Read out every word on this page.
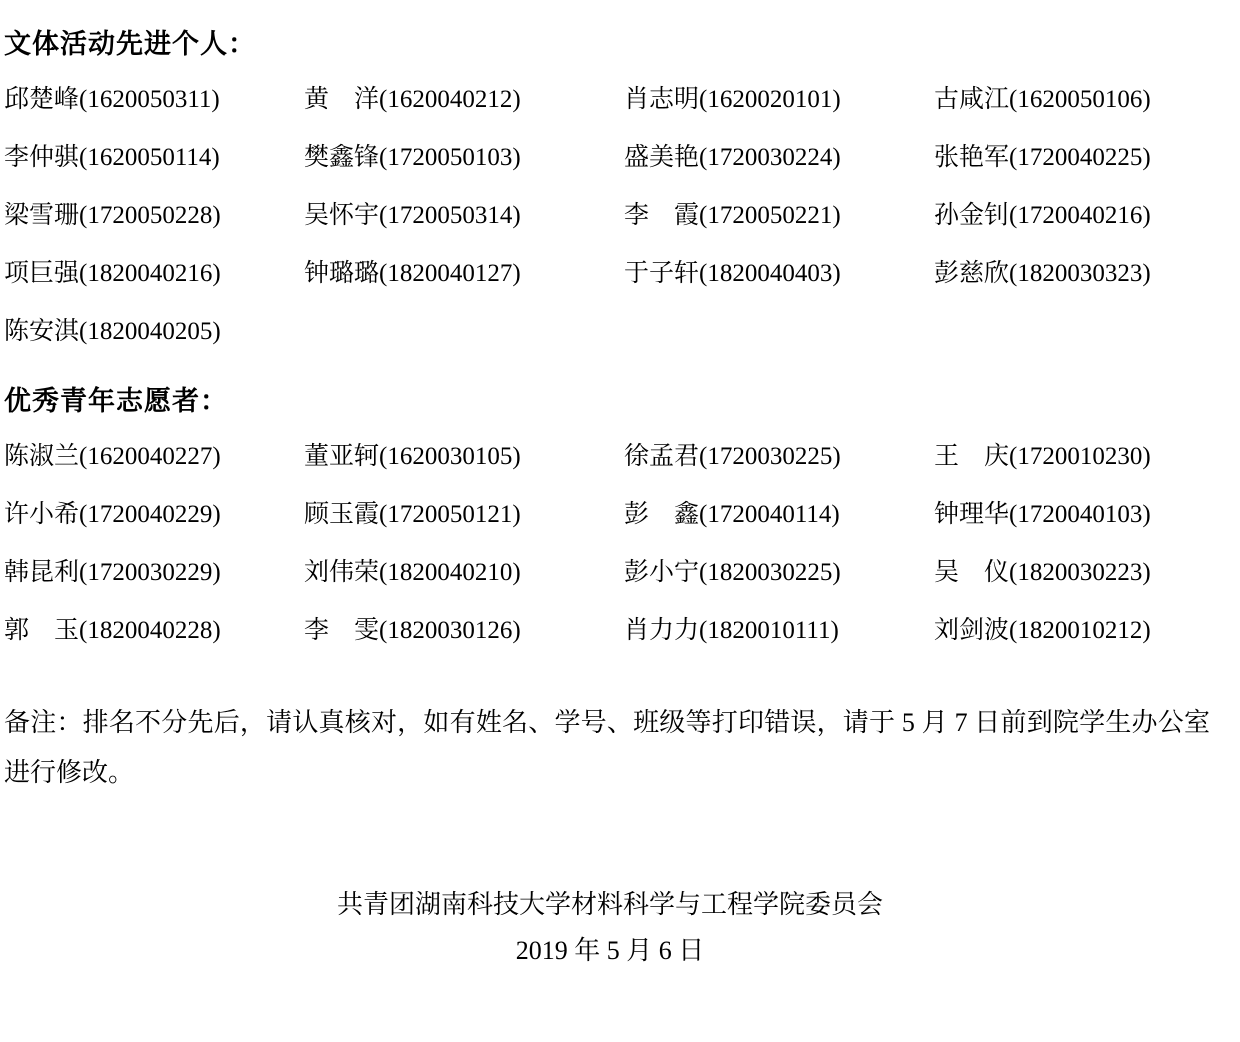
文体活动先进个人：
邱楚峰(1620050311)	黄　洋(1620040212)	肖志明(1620020101)	古咸江(1620050106)
李仲骐(1620050114)	樊鑫锋(1720050103)	盛美艳(1720030224)	张艳军(1720040225)
梁雪珊(1720050228)	吴怀宇(1720050314)	李　霞(1720050221)	孙金钊(1720040216)
项巨强(1820040216)	钟璐璐(1820040127)	于子轩(1820040403)	彭慈欣(1820030323)
陈安淇(1820040205)			
优秀青年志愿者：
陈淑兰(1620040227)	董亚轲(1620030105)	徐孟君(1720030225)	王　庆(1720010230)
许小希(1720040229)	顾玉霞(1720050121)	彭　鑫(1720040114)	钟理华(1720040103)
韩昆利(1720030229)	刘伟荣(1820040210)	彭小宁(1820030225)	吴　仪(1820030223)
郭　玉(1820040228)	李　雯(1820030126)	肖力力(1820010111)	刘剑波(1820010212)

备注：排名不分先后，请认真核对，如有姓名、学号、班级等打印错误，请于 5 月 7 日前到院学生办公室进行修改。

共青团湖南科技大学材料科学与工程学院委员会
2019 年 5 月 6 日
